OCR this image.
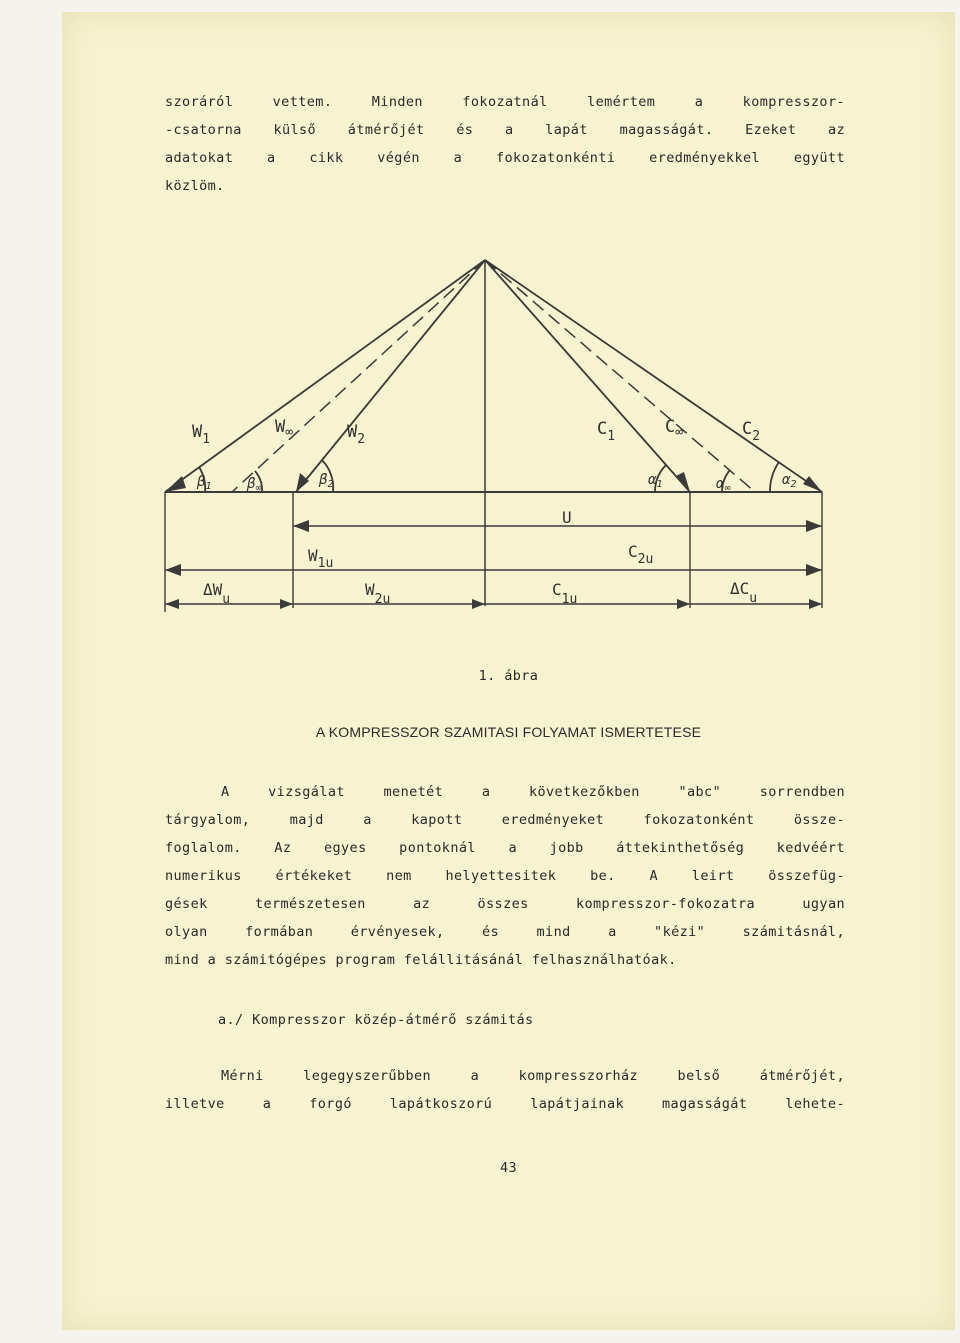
szoráról vettem. Minden fokozatnál lemértem a kompresszor-
-csatorna külső átmérőjét és a lapát magasságát. Ezeket az
adatokat a cikk végén a fokozatonkénti eredményekkel együtt
közlöm.
$W_1$
$W_\infty$	$W_2$
$C_1$	$C_\infty$	$C_2$
$\beta_1$	$\beta_\infty$
$\beta_2$	$\alpha_1$	$\alpha_\infty$
$\alpha_2$
U
$W_{1u}$
$C_{2u}$
$\Delta W_u$
$W_{2u}$
$C_{1u}$
$\Delta C_u$
1. ábra
A KOMPRESSZOR SZAMITASI FOLYAMAT ISMERTETESE
A vizsgálat menetét a következőkben "abc" sorrendben
tárgyalom, majd a kapott eredményeket fokozatonként össze-
foglalom. Az egyes pontoknál a jobb áttekinthetőség kedvéért
numerikus értékeket nem helyettesitek be. A leirt összefüg-
gések természetesen az összes kompresszor-fokozatra ugyan
olyan formában érvényesek, és mind a "kézi" számitásnál,
mind a számitógépes program felállitásánál felhasználhatóak.
a./ Kompresszor közép-átmérő számitás
Mérni legegyszerűbben a kompresszorház belső átmérőjét,
illetve a forgó lapátkoszorú lapátjainak magasságát lehete-
43
